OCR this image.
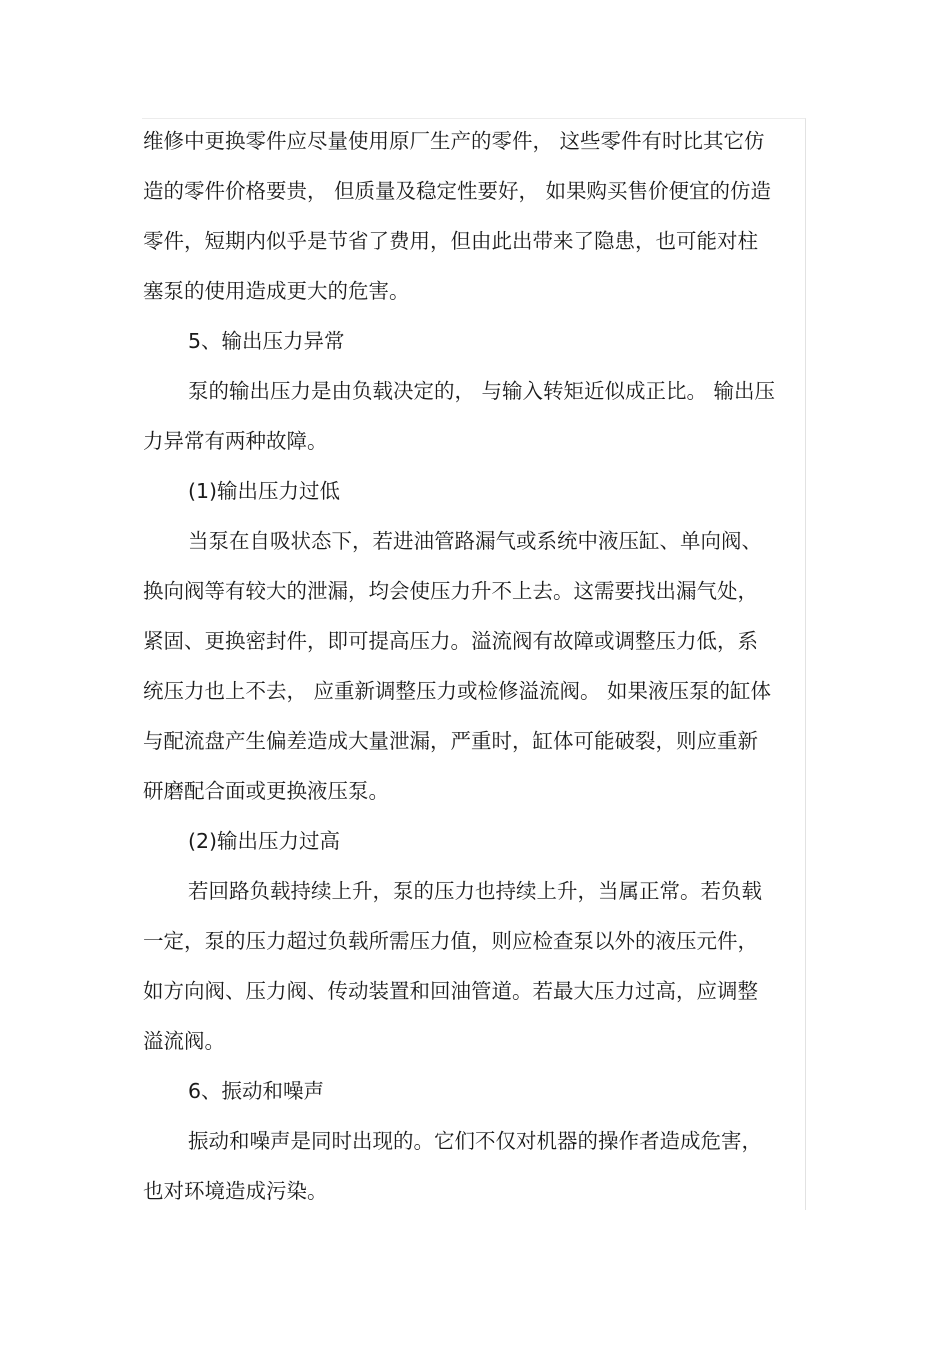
维修中更换零件应尽量使用原厂生产的零件， 这些零件有时比其它仿
造的零件价格要贵， 但质量及稳定性要好， 如果购买售价便宜的仿造
零件，短期内似乎是节省了费用，但由此出带来了隐患，也可能对柱
塞泵的使用造成更大的危害。
5、输出压力异常
泵的输出压力是由负载决定的， 与输入转矩近似成正比。 输出压
力异常有两种故障。
(1)输出压力过低
当泵在自吸状态下，若进油管路漏气或系统中液压缸、单向阀、
换向阀等有较大的泄漏，均会使压力升不上去。这需要找出漏气处，
紧固、更换密封件，即可提高压力。溢流阀有故障或调整压力低，系
统压力也上不去， 应重新调整压力或检修溢流阀。 如果液压泵的缸体
与配流盘产生偏差造成大量泄漏，严重时，缸体可能破裂，则应重新
研磨配合面或更换液压泵。
(2)输出压力过高
若回路负载持续上升，泵的压力也持续上升，当属正常。若负载
一定，泵的压力超过负载所需压力值，则应检查泵以外的液压元件，
如方向阀、压力阀、传动装置和回油管道。若最大压力过高，应调整
溢流阀。
6、振动和噪声
振动和噪声是同时出现的。它们不仅对机器的操作者造成危害，
也对环境造成污染。
